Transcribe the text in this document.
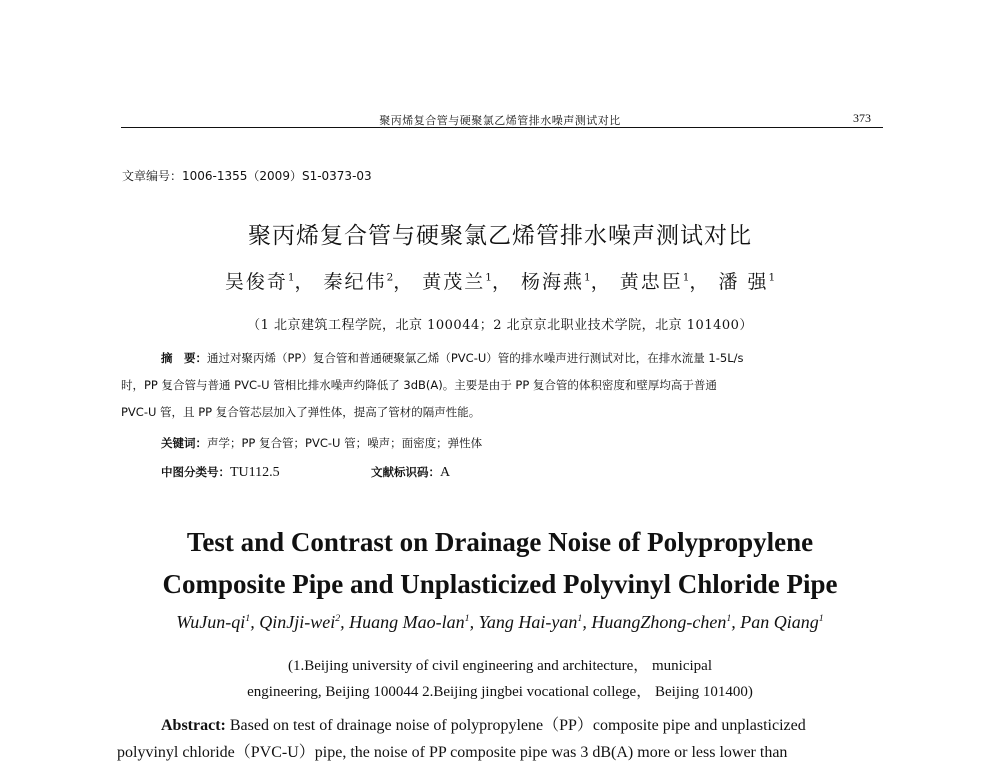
聚丙烯复合管与硬聚氯乙烯管排水噪声测试对比	373
文章编号：1006-1355（2009）S1-0373-03
聚丙烯复合管与硬聚氯乙烯管排水噪声测试对比
吴俊奇$^1$， 秦纪伟$^2$， 黄茂兰$^1$， 杨海燕$^1$， 黄忠臣$^1$， 潘 强$^1$
（1 北京建筑工程学院，北京 100044；2 北京京北职业技术学院，北京 101400）
摘　要：通过对聚丙烯（PP）复合管和普通硬聚氯乙烯（PVC-U）管的排水噪声进行测试对比，在排水流量 1-5L/s
时，PP 复合管与普通 PVC-U 管相比排水噪声约降低了 3dB(A)。主要是由于 PP 复合管的体积密度和壁厚均高于普通
PVC-U 管，且 PP 复合管芯层加入了弹性体，提高了管材的隔声性能。
关键词：声学；PP 复合管；PVC-U 管；噪声；面密度；弹性体
中图分类号：TU112.5	文献标识码：A
Test and Contrast on Drainage Noise of Polypropylene
Composite Pipe and Unplasticized Polyvinyl Chloride Pipe
WuJun-$qi^1$, QinJji-wei$^2$, Huang Mao-lan$^1$, Yang Hai-yan$^1$, HuangZhong-chen$^1$, Pan Qiang$^1$
(1.Beijing university of civil engineering and architecture， municipal
engineering, Beijing 100044 2.Beijing jingbei vocational college， Beijing 101400)
Abstract: Based on test of drainage noise of polypropylene（PP）composite pipe and unplasticized
polyvinyl chloride（PVC-U）pipe, the noise of PP composite pipe was 3 dB(A) more or less lower than
